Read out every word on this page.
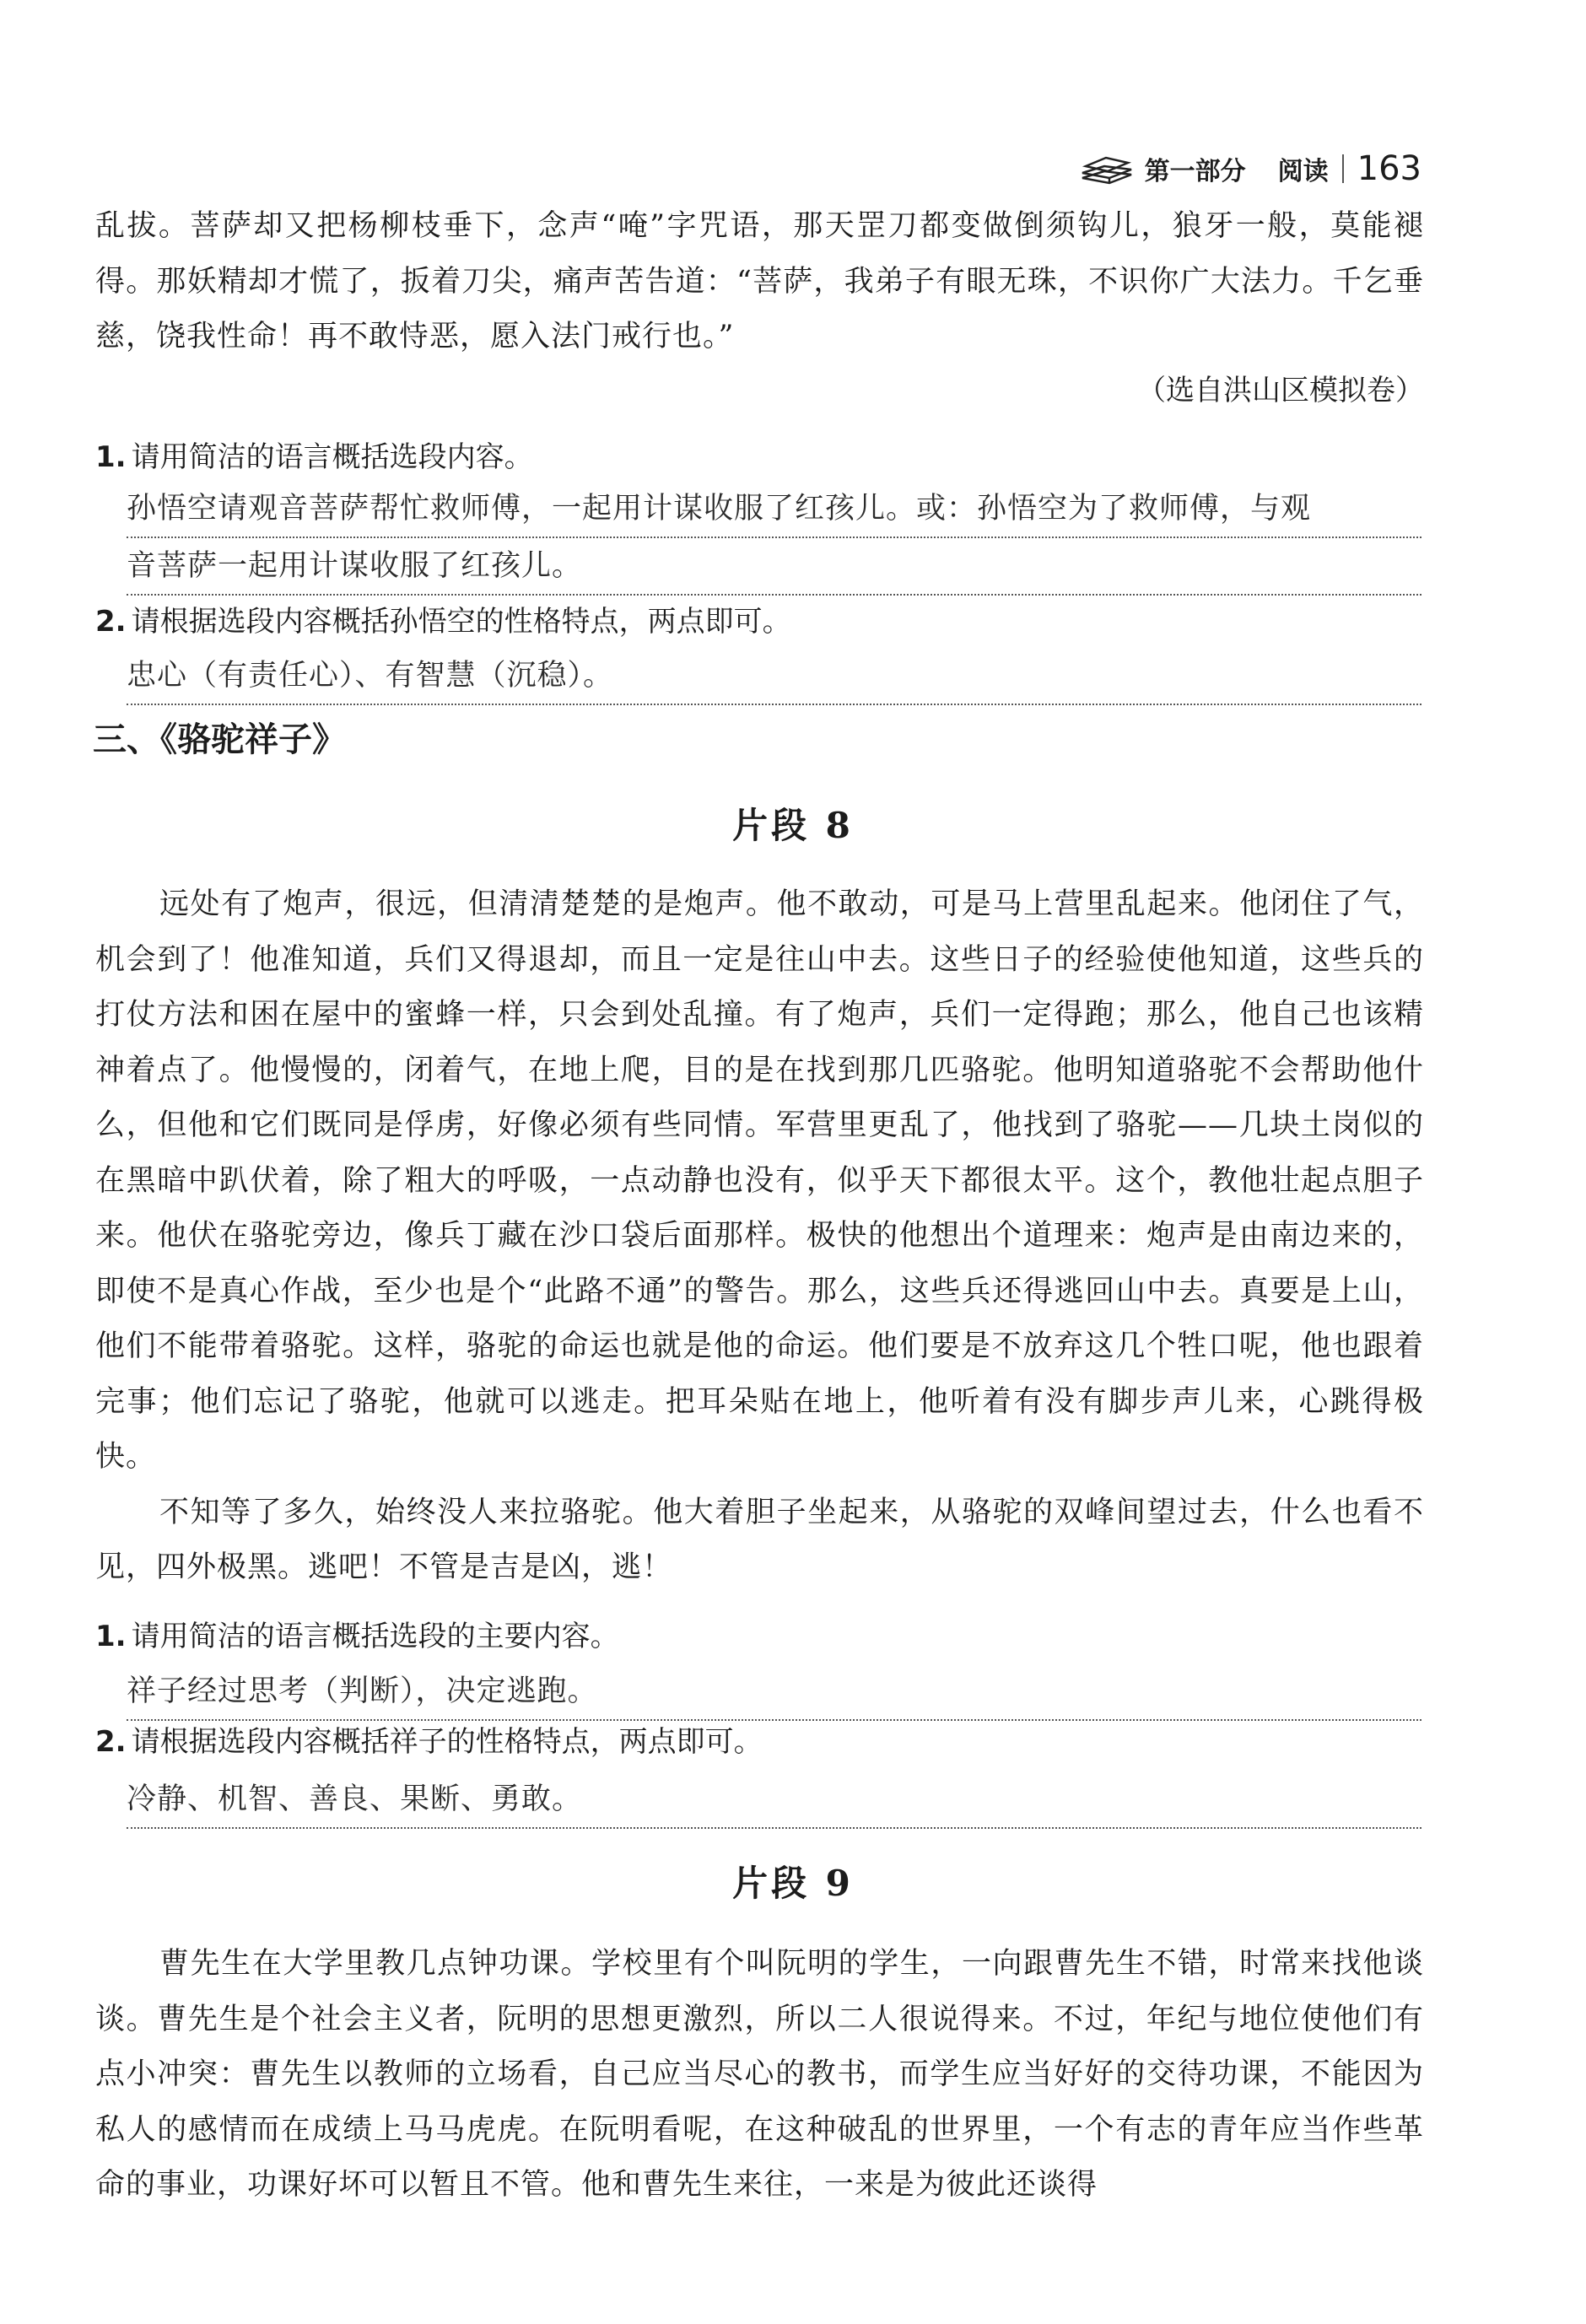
第一部分 阅读 163

乱拔。菩萨却又把杨柳枝垂下，念声“唵”字咒语，那天罡刀都变做倒须钩儿，狼牙一般，莫能褪得。那妖精却才慌了，扳着刀尖，痛声苦告道：“菩萨，我弟子有眼无珠，不识你广大法力。千乞垂慈，饶我性命！再不敢恃恶，愿入法门戒行也。”

（选自洪山区模拟卷）
1. 请用简洁的语言概括选段内容。
孙悟空请观音菩萨帮忙救师傅，一起用计谋收服了红孩儿。或：孙悟空为了救师傅，与观
音菩萨一起用计谋收服了红孩儿。
2. 请根据选段内容概括孙悟空的性格特点，两点即可。
忠心（有责任心）、有智慧（沉稳）。
三、《骆驼祥子》
片段 8

远处有了炮声，很远，但清清楚楚的是炮声。他不敢动，可是马上营里乱起来。他闭住了气，机会到了！他准知道，兵们又得退却，而且一定是往山中去。这些日子的经验使他知道，这些兵的打仗方法和困在屋中的蜜蜂一样，只会到处乱撞。有了炮声，兵们一定得跑；那么，他自己也该精神着点了。他慢慢的，闭着气，在地上爬，目的是在找到那几匹骆驼。他明知道骆驼不会帮助他什么，但他和它们既同是俘虏，好像必须有些同情。军营里更乱了，他找到了骆驼——几块土岗似的在黑暗中趴伏着，除了粗大的呼吸，一点动静也没有，似乎天下都很太平。这个，教他壮起点胆子来。他伏在骆驼旁边，像兵丁藏在沙口袋后面那样。极快的他想出个道理来：炮声是由南边来的，即使不是真心作战，至少也是个“此路不通”的警告。那么，这些兵还得逃回山中去。真要是上山，他们不能带着骆驼。这样，骆驼的命运也就是他的命运。他们要是不放弃这几个牲口呢，他也跟着完事；他们忘记了骆驼，他就可以逃走。把耳朵贴在地上，他听着有没有脚步声儿来，心跳得极快。

不知等了多久，始终没人来拉骆驼。他大着胆子坐起来，从骆驼的双峰间望过去，什么也看不见，四外极黑。逃吧！不管是吉是凶，逃！

1. 请用简洁的语言概括选段的主要内容。
祥子经过思考（判断），决定逃跑。
2. 请根据选段内容概括祥子的性格特点，两点即可。
冷静、机智、善良、果断、勇敢。
片段 9

曹先生在大学里教几点钟功课。学校里有个叫阮明的学生，一向跟曹先生不错，时常来找他谈谈。曹先生是个社会主义者，阮明的思想更激烈，所以二人很说得来。不过，年纪与地位使他们有点小冲突：曹先生以教师的立场看，自己应当尽心的教书，而学生应当好好的交待功课，不能因为私人的感情而在成绩上马马虎虎。在阮明看呢，在这种破乱的世界里，一个有志的青年应当作些革命的事业，功课好坏可以暂且不管。他和曹先生来往，一来是为彼此还谈得
